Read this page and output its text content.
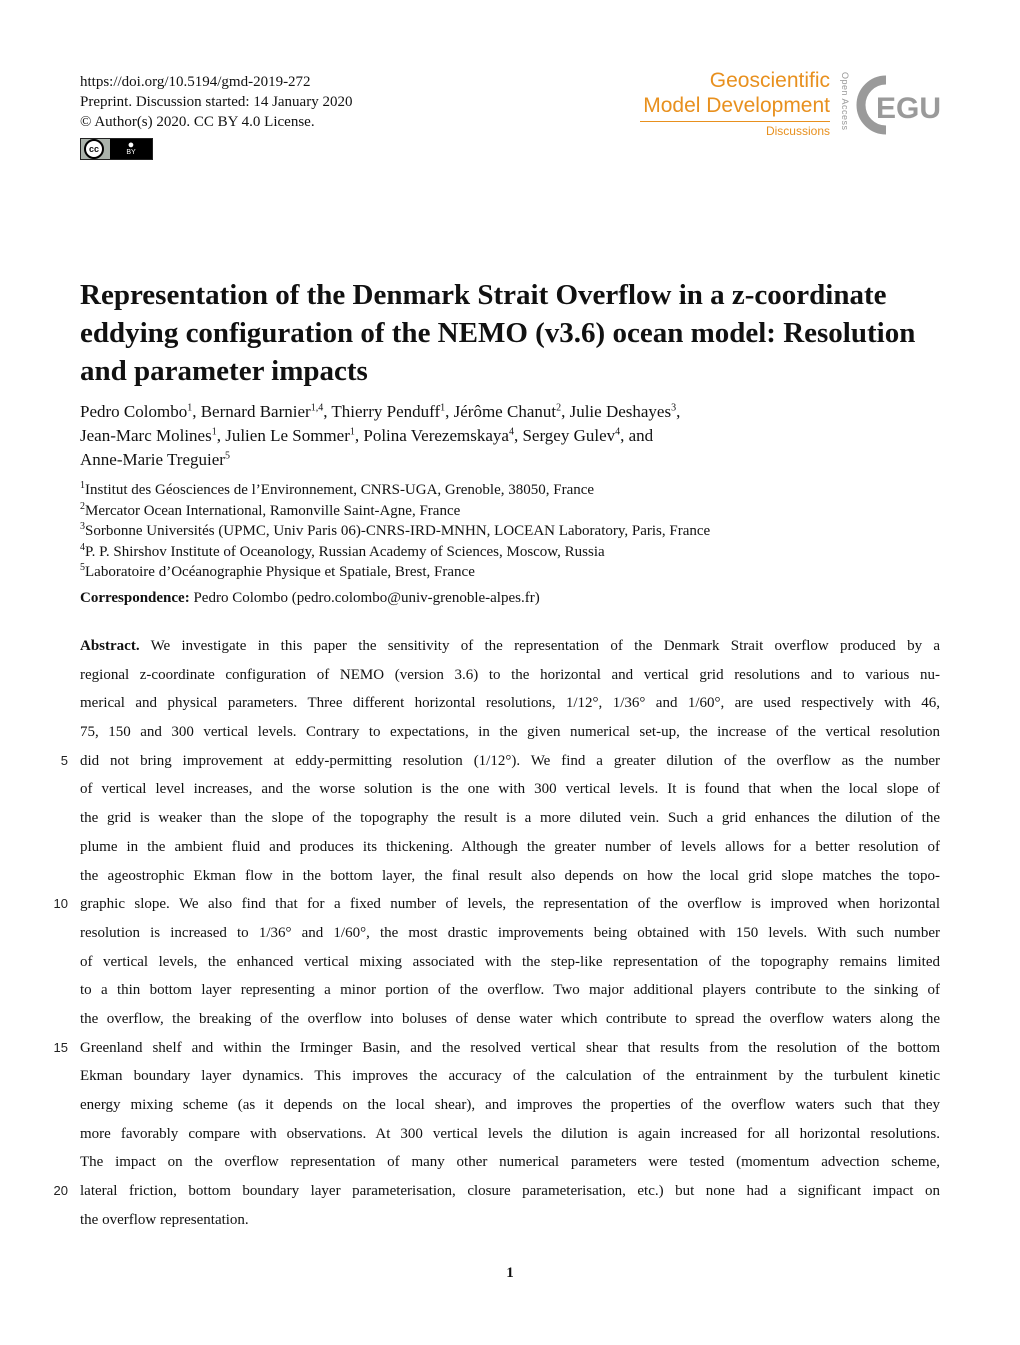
https://doi.org/10.5194/gmd-2019-272
Preprint. Discussion started: 14 January 2020
© Author(s) 2020. CC BY 4.0 License.
cc	●
BY
Geoscientific
Model Development
Discussions
Open Access EGU
Representation of the Denmark Strait Overflow in a z-coordinate eddying configuration of the NEMO (v3.6) ocean model: Resolution and parameter impacts
Pedro Colombo$^1$, Bernard Barnier$^{1,4}$, Thierry Penduff$^1$, Jérôme Chanut$^2$, Julie Deshayes$^3$,
Jean-Marc Molines$^1$, Julien Le Sommer$^1$, Polina Verezemskaya$^4$, Sergey Gulev$^4$, and
Anne-Marie Treguier$^5$
$^1$Institut des Géosciences de l’Environnement, CNRS-UGA, Grenoble, 38050, France
$^2$Mercator Ocean International, Ramonville Saint-Agne, France
$^3$Sorbonne Universités (UPMC, Univ Paris 06)-CNRS-IRD-MNHN, LOCEAN Laboratory, Paris, France
$^4$P. P. Shirshov Institute of Oceanology, Russian Academy of Sciences, Moscow, Russia
$^5$Laboratoire d’Océanographie Physique et Spatiale, Brest, France
Correspondence: Pedro Colombo (pedro.colombo@univ-grenoble-alpes.fr)
5
10
15
20
Abstract. We investigate in this paper the sensitivity of the representation of the Denmark Strait overflow produced by a
regional z-coordinate configuration of NEMO (version 3.6) to the horizontal and vertical grid resolutions and to various nu-
merical and physical parameters. Three different horizontal resolutions, 1/12°, 1/36° and 1/60°, are used respectively with 46,
75, 150 and 300 vertical levels. Contrary to expectations, in the given numerical set-up, the increase of the vertical resolution
did not bring improvement at eddy-permitting resolution (1/12°). We find a greater dilution of the overflow as the number
of vertical level increases, and the worse solution is the one with 300 vertical levels. It is found that when the local slope of
the grid is weaker than the slope of the topography the result is a more diluted vein. Such a grid enhances the dilution of the
plume in the ambient fluid and produces its thickening. Although the greater number of levels allows for a better resolution of
the ageostrophic Ekman flow in the bottom layer, the final result also depends on how the local grid slope matches the topo-
graphic slope. We also find that for a fixed number of levels, the representation of the overflow is improved when horizontal
resolution is increased to 1/36° and 1/60°, the most drastic improvements being obtained with 150 levels. With such number
of vertical levels, the enhanced vertical mixing associated with the step-like representation of the topography remains limited
to a thin bottom layer representing a minor portion of the overflow. Two major additional players contribute to the sinking of
the overflow, the breaking of the overflow into boluses of dense water which contribute to spread the overflow waters along the
Greenland shelf and within the Irminger Basin, and the resolved vertical shear that results from the resolution of the bottom
Ekman boundary layer dynamics. This improves the accuracy of the calculation of the entrainment by the turbulent kinetic
energy mixing scheme (as it depends on the local shear), and improves the properties of the overflow waters such that they
more favorably compare with observations. At 300 vertical levels the dilution is again increased for all horizontal resolutions.
The impact on the overflow representation of many other numerical parameters were tested (momentum advection scheme,
lateral friction, bottom boundary layer parameterisation, closure parameterisation, etc.) but none had a significant impact on
the overflow representation.
1
